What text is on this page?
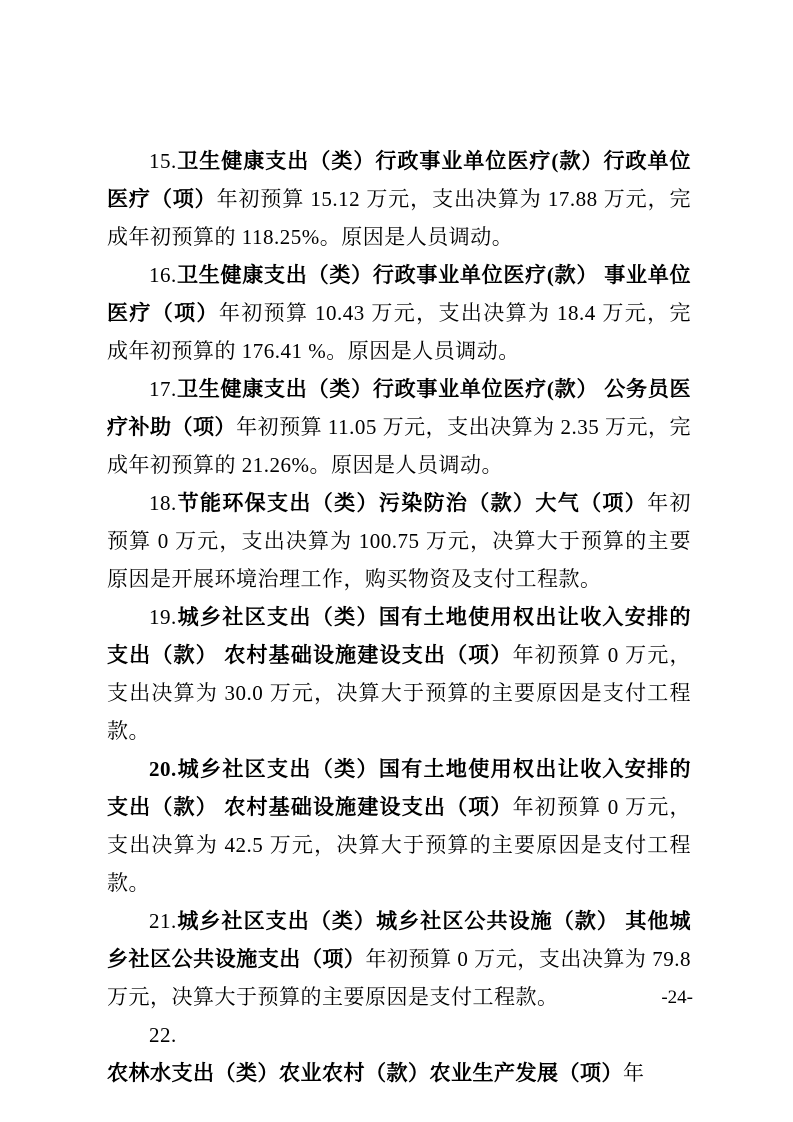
15.卫生健康支出（类）行政事业单位医疗(款）行政单位医疗（项）年初预算 15.12 万元，支出决算为 17.88 万元，完成年初预算的 118.25%。原因是人员调动。

16.卫生健康支出（类）行政事业单位医疗(款） 事业单位医疗（项）年初预算 10.43 万元，支出决算为 18.4 万元，完成年初预算的 176.41 %。原因是人员调动。

17.卫生健康支出（类）行政事业单位医疗(款） 公务员医疗补助（项）年初预算 11.05 万元，支出决算为 2.35 万元，完成年初预算的 21.26%。原因是人员调动。

18.节能环保支出（类）污染防治（款）大气（项）年初预算 0 万元，支出决算为 100.75 万元，决算大于预算的主要原因是开展环境治理工作，购买物资及支付工程款。

19.城乡社区支出（类）国有土地使用权出让收入安排的支出（款） 农村基础设施建设支出（项）年初预算 0 万元，支出决算为 30.0 万元，决算大于预算的主要原因是支付工程款。

20.城乡社区支出（类）国有土地使用权出让收入安排的支出（款） 农村基础设施建设支出（项）年初预算 0 万元，支出决算为 42.5 万元，决算大于预算的主要原因是支付工程款。

21.城乡社区支出（类）城乡社区公共设施（款） 其他城乡社区公共设施支出（项）年初预算 0 万元，支出决算为 79.8 万元，决算大于预算的主要原因是支付工程款。

22.农林水支出（类）农业农村（款）农业生产发展（项）年

-24-
